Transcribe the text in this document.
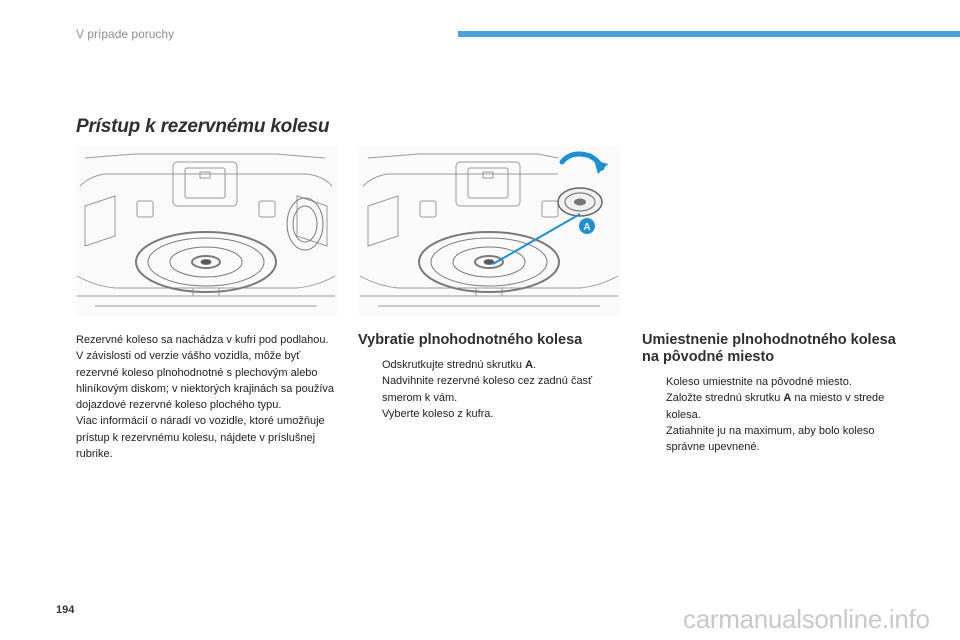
V prípade poruchy
Prístup k rezervnému kolesu
A

Rezervné koleso sa nachádza v kufri pod podlahou.

V závislosti od verzie vášho vozidla, môže byť rezervné koleso plnohodnotné s plechovým alebo hliníkovým diskom; v niektorých krajinách sa používa dojazdové rezervné koleso plochého typu.

Viac informácií o náradí vo vozidle, ktoré umožňuje prístup k rezervnému kolesu, nájdete v príslušnej rubrike.

Vybratie plnohodnotného kolesa
Odskrutkujte strednú skrutku A.
Nadvihnite rezervné koleso cez zadnú časť smerom k vám.
Vyberte koleso z kufra.
Umiestnenie plnohodnotného kolesa na pôvodné miesto
Koleso umiestnite na pôvodné miesto.
Založte strednú skrutku A na miesto v strede kolesa.
Zatiahnite ju na maximum, aby bolo koleso správne upevnené.
194	carmanualsonline.info
